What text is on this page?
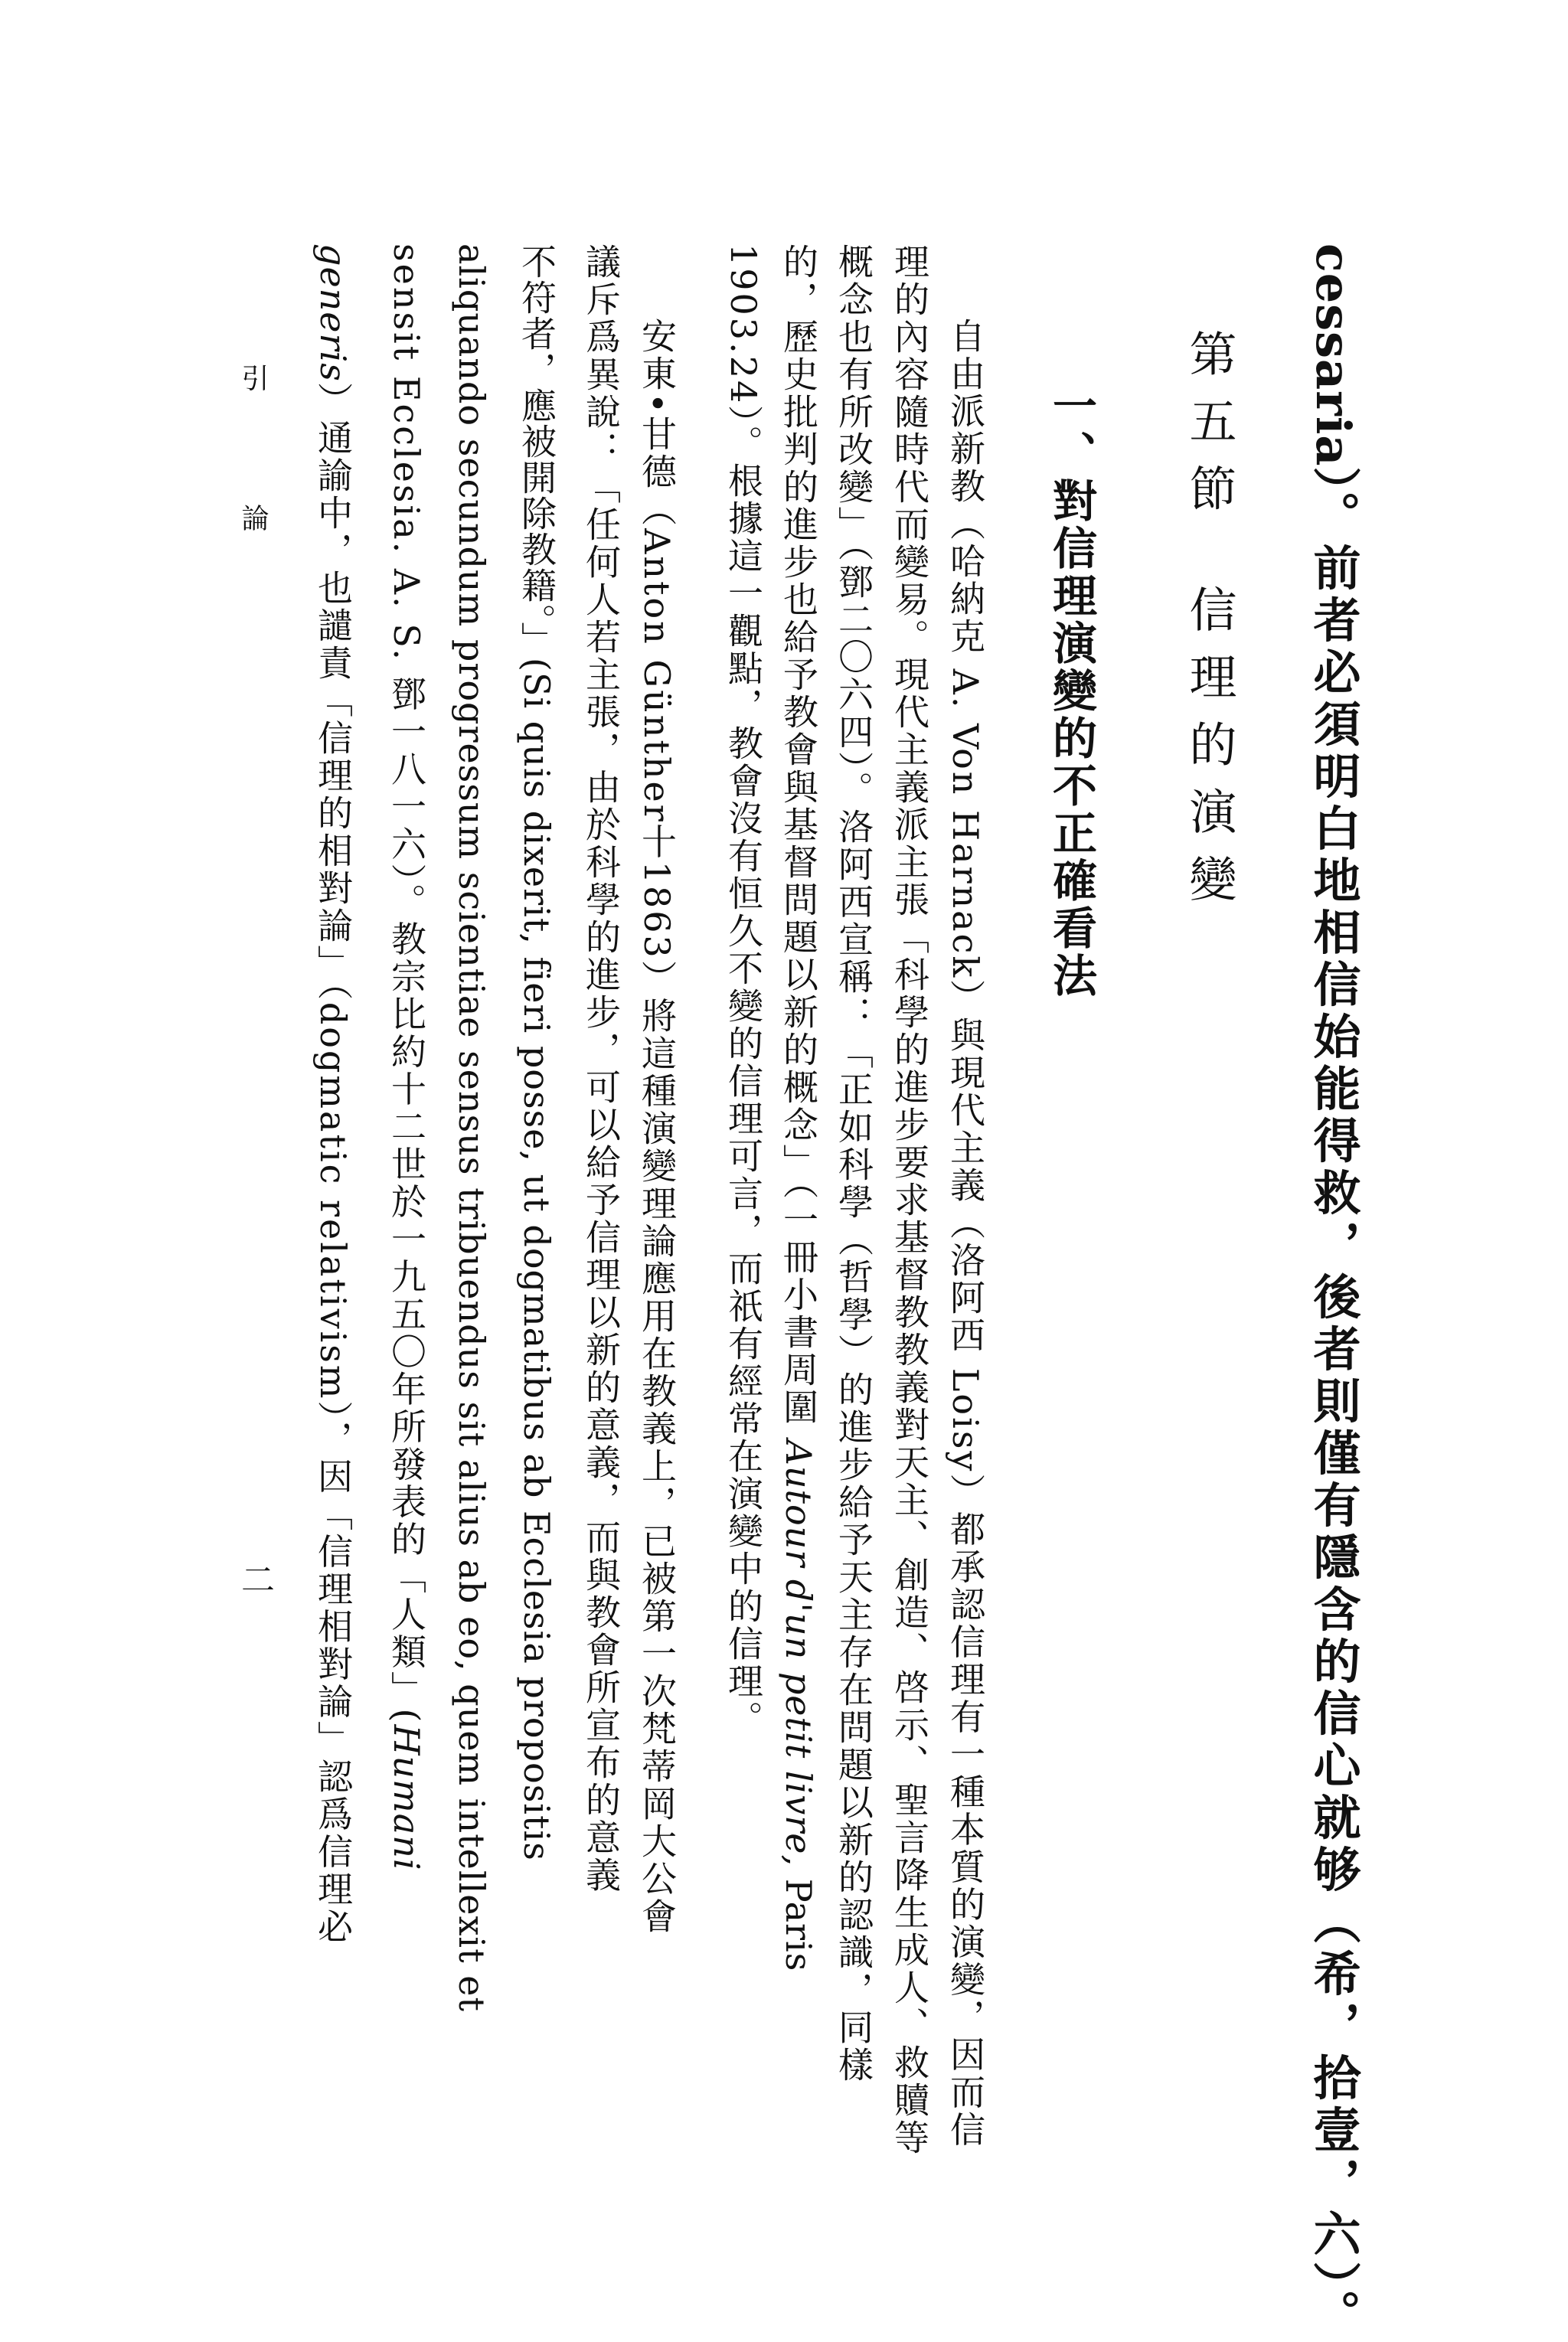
cessaria）。前者必須明白地相信始能得救，後者則僅有隱含的信心就够（希，拾壹，六）。
第五節信理的演變
一、對信理演變的不正確看法
自由派新教（哈納克 A. Von Harnack）與現代主義（洛阿西 Loisy）都承認信理有一種本質的演變，因而信
理的內容隨時代而變易。現代主義派主張「科學的進步要求基督教教義對天主、創造、啓示、聖言降生成人、救贖等
概念也有所改變」（鄧二〇六四）。洛阿西宣稱：「正如科學（哲學）的進步給予天主存在問題以新的認識，同樣
的，歷史批判的進步也給予教會與基督問題以新的概念」（一冊小書周圍 Autour d'un petit livre, Paris
1903.24）。根據這一觀點，教會沒有恒久不變的信理可言，而祇有經常在演變中的信理。
安東•甘德（Anton Günther十1863）將這種演變理論應用在教義上，已被第一次梵蒂岡大公會
議斥爲異說：「任何人若主張，由於科學的進步，可以給予信理以新的意義，而與教會所宣布的意義
不符者，應被開除教籍。」(Si quis dixerit, fieri posse, ut dogmatibus ab Ecclesia propositis
aliquando secundum progressum scientiae sensus tribuendus sit alius ab eo, quem intellexit et
sensit Ecclesia. A. S. 鄧一八一六）。教宗比約十二世於一九五〇年所發表的「人類」(Humani
generis）通諭中，也譴責「信理的相對論」（dogmatic relativism），因「信理相對論」認爲信理必
引
論
二
